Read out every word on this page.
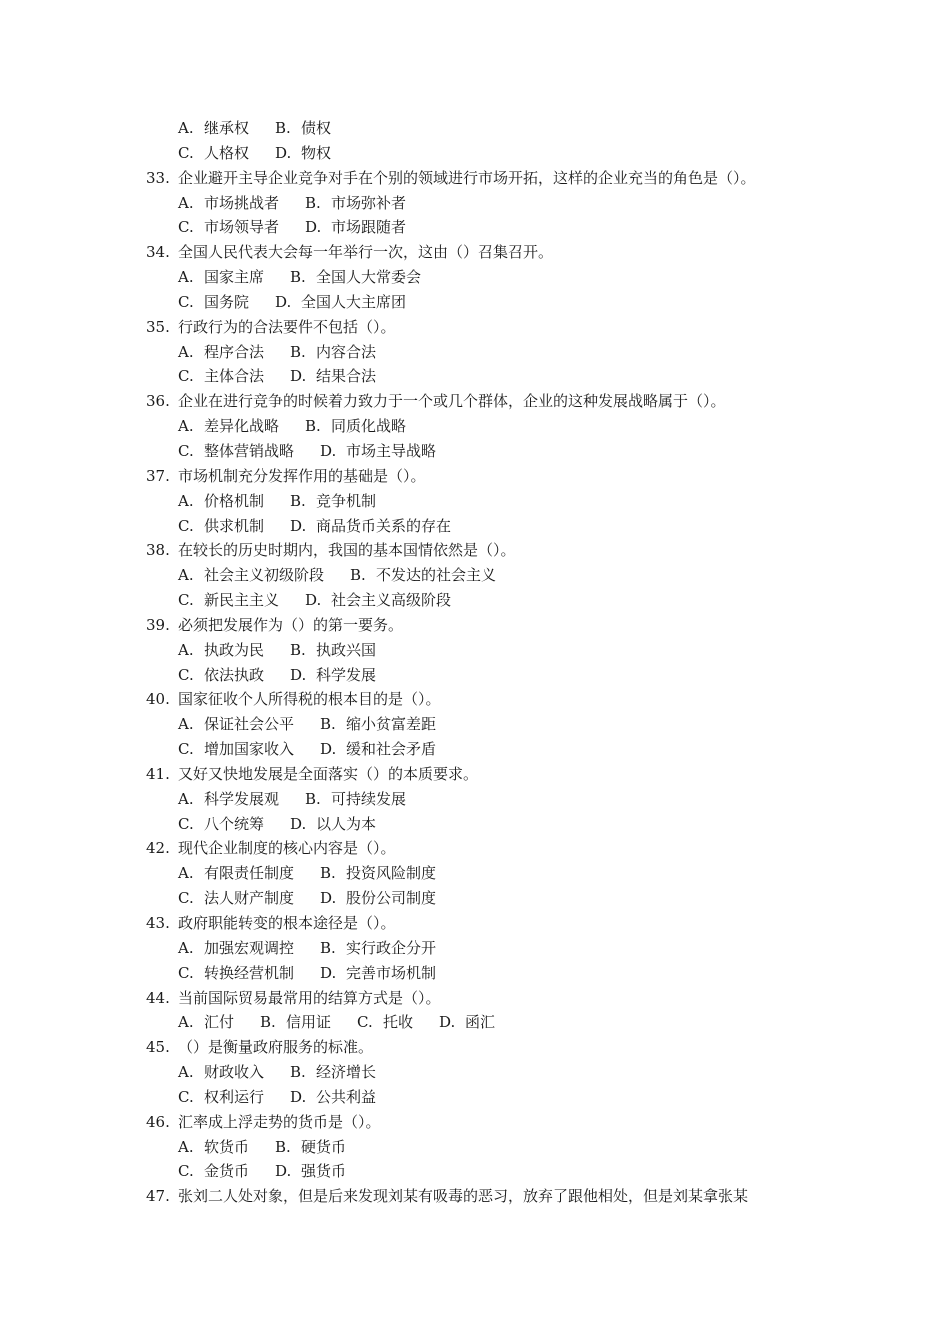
A. 继承权 B. 债权
C. 人格权 D. 物权
33. 企业避开主导企业竞争对手在个别的领域进行市场开拓，这样的企业充当的角色是（）。
A. 市场挑战者 B. 市场弥补者
C. 市场领导者 D. 市场跟随者
34. 全国人民代表大会每一年举行一次，这由（）召集召开。
A. 国家主席 B. 全国人大常委会
C. 国务院 D. 全国人大主席团
35. 行政行为的合法要件不包括（）。
A. 程序合法 B. 内容合法
C. 主体合法 D. 结果合法
36. 企业在进行竞争的时候着力致力于一个或几个群体，企业的这种发展战略属于（）。
A. 差异化战略 B. 同质化战略
C. 整体营销战略 D. 市场主导战略
37. 市场机制充分发挥作用的基础是（）。
A. 价格机制 B. 竞争机制
C. 供求机制 D. 商品货币关系的存在
38. 在较长的历史时期内，我国的基本国情依然是（）。
A. 社会主义初级阶段 B. 不发达的社会主义
C. 新民主主义 D. 社会主义高级阶段
39. 必须把发展作为（）的第一要务。
A. 执政为民 B. 执政兴国
C. 依法执政 D. 科学发展
40. 国家征收个人所得税的根本目的是（）。
A. 保证社会公平 B. 缩小贫富差距
C. 增加国家收入 D. 缓和社会矛盾
41. 又好又快地发展是全面落实（）的本质要求。
A. 科学发展观 B. 可持续发展
C. 八个统筹 D. 以人为本
42. 现代企业制度的核心内容是（）。
A. 有限责任制度 B. 投资风险制度
C. 法人财产制度 D. 股份公司制度
43. 政府职能转变的根本途径是（）。
A. 加强宏观调控 B. 实行政企分开
C. 转换经营机制 D. 完善市场机制
44. 当前国际贸易最常用的结算方式是（）。
A. 汇付 B. 信用证 C. 托收 D. 函汇
45. （）是衡量政府服务的标准。
A. 财政收入 B. 经济增长
C. 权利运行 D. 公共利益
46. 汇率成上浮走势的货币是（）。
A. 软货币 B. 硬货币
C. 金货币 D. 强货币
47. 张刘二人处对象，但是后来发现刘某有吸毒的恶习，放弃了跟他相处，但是刘某拿张某
